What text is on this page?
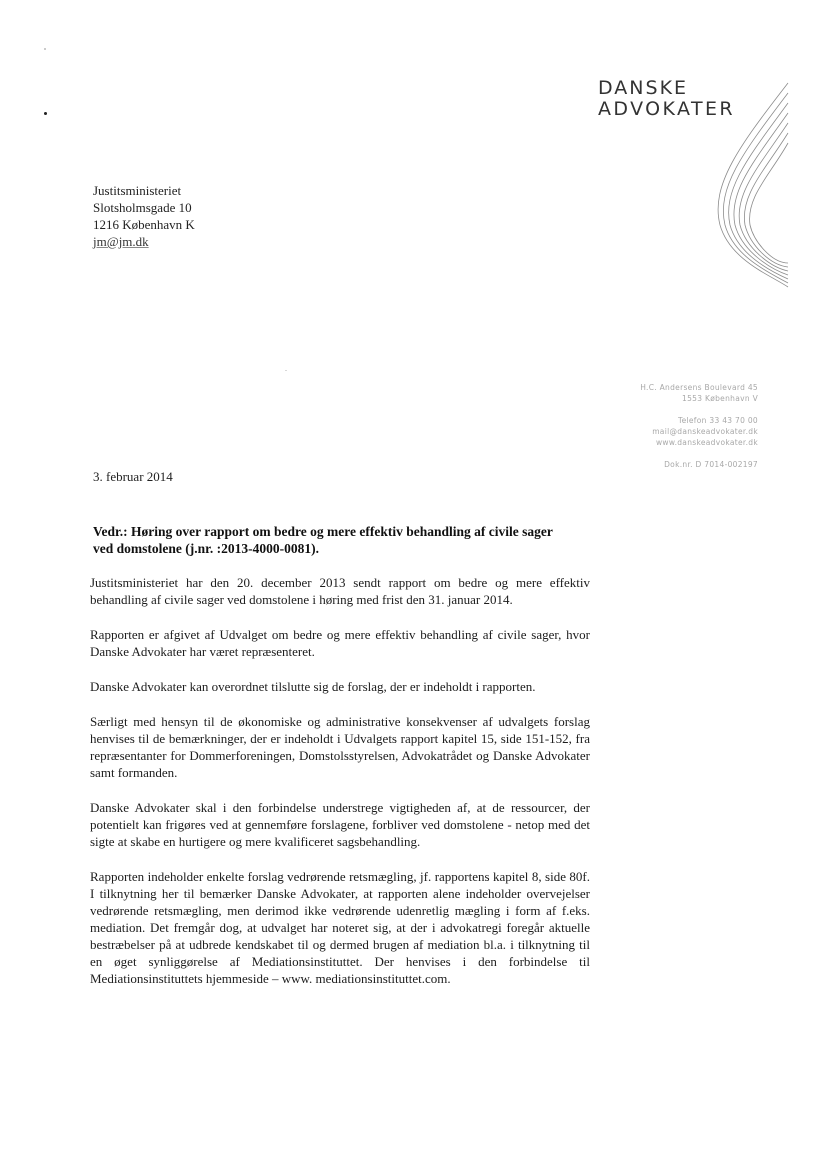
DANSKE
ADVOKATER
Justitsministeriet
Slotsholmsgade 10
1216 København K
jm@jm.dk
H.C. Andersens Boulevard 45
1553 København V
Telefon 33 43 70 00
mail@danskeadvokater.dk
www.danskeadvokater.dk
Dok.nr. D 7014-002197
3. februar 2014
Vedr.: Høring over rapport om bedre og mere effektiv behandling af civile sager ved domstolene (j.nr. :2013-4000-0081).

Justitsministeriet har den 20. december 2013 sendt rapport om bedre og mere effektiv behandling af civile sager ved domstolene i høring med frist den 31. januar 2014.

Rapporten er afgivet af Udvalget om bedre og mere effektiv behandling af civile sager, hvor Danske Advokater har været repræsenteret.

Danske Advokater kan overordnet tilslutte sig de forslag, der er indeholdt i rapporten.

Særligt med hensyn til de økonomiske og administrative konsekvenser af udvalgets forslag henvises til de bemærkninger, der er indeholdt i Udvalgets rapport kapitel 15, side 151-152, fra repræsentanter for Dommerforeningen, Domstolsstyrelsen, Advokatrådet og Danske Advokater samt formanden.

Danske Advokater skal i den forbindelse understrege vigtigheden af, at de ressourcer, der potentielt kan frigøres ved at gennemføre forslagene, forbliver ved domstolene - netop med det sigte at skabe en hurtigere og mere kvalificeret sagsbehandling.

Rapporten indeholder enkelte forslag vedrørende retsmægling, jf. rapportens kapitel 8, side 80f. I tilknytning her til bemærker Danske Advokater, at rapporten alene indeholder overvejelser vedrørende retsmægling, men derimod ikke vedrørende udenretlig mægling i form af f.eks. mediation. Det fremgår dog, at udvalget har noteret sig, at der i advokatregi foregår aktuelle bestræbelser på at udbrede kendskabet til og dermed brugen af mediation bl.a. i tilknytning til en øget synliggørelse af Mediationsinstituttet. Der henvises i den forbindelse til Mediationsinstituttets hjemmeside – www. mediationsinstituttet.com.
